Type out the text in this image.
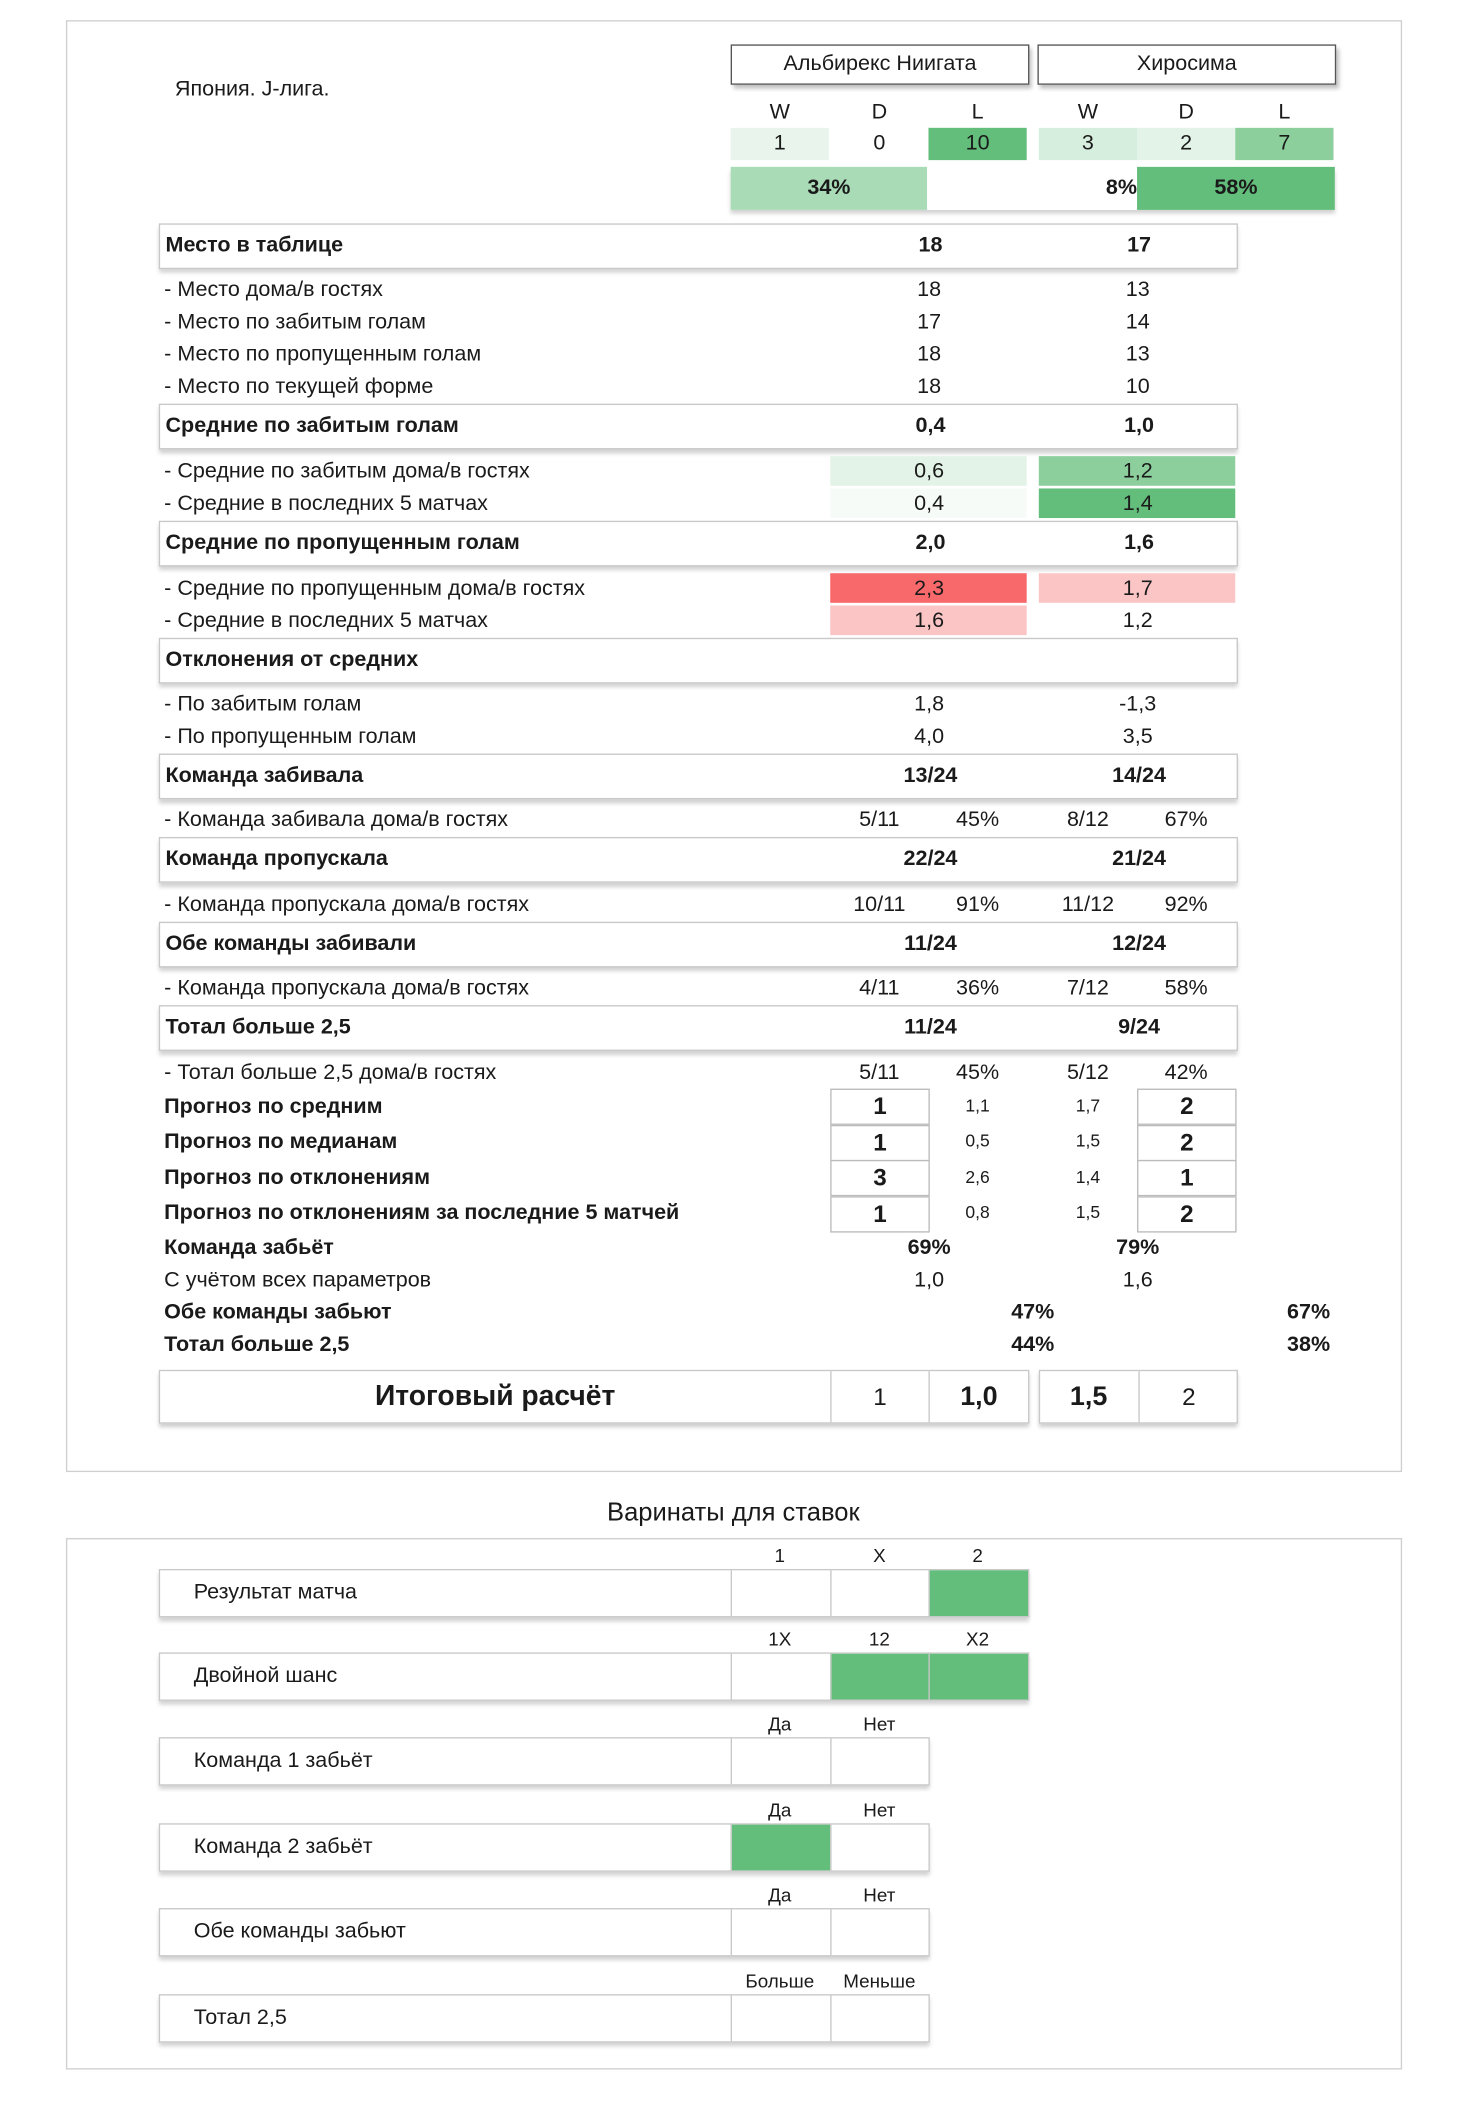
Япония. J-лига.
Альбирекс Ниигата	Хиросима
W	D	L	W	D	L
1	0	10	3	2	7
34%	8%	58%
Место в таблице	18	17
- Место дома/в гостях	18	13
- Место по забитым голам	17	14
- Место по пропущенным голам	18	13
- Место по текущей форме	18	10
Средние по забитым голам	0,4	1,0
- Средние по забитым дома/в гостях	0,6	1,2
- Средние в последних 5 матчах	0,4	1,4
Средние по пропущенным голам	2,0	1,6
- Средние по пропущенным дома/в гостях	2,3	1,7
- Средние в последних 5 матчах	1,6	1,2
Отклонения от средних
- По забитым голам	1,8	-1,3
- По пропущенным голам	4,0	3,5
Команда забивала	13/24	14/24
- Команда забивала дома/в гостях	5/11	45%	8/12	67%
Команда пропускала	22/24	21/24
- Команда пропускала дома/в гостях	10/11	91%	11/12	92%
Обе команды забивали	11/24	12/24
- Команда пропускала дома/в гостях	4/11	36%	7/12	58%
Тотал больше 2,5	11/24	9/24
- Тотал больше 2,5 дома/в гостях	5/11	45%	5/12	42%
Прогноз по средним	1	1,1	1,7	2
Прогноз по медианам	1	0,5	1,5	2
Прогноз по отклонениям	3	2,6	1,4	1
Прогноз по отклонениям за последние 5 матчей	1	0,8	1,5	2
Команда забьёт	69%	79%
С учётом всех параметров	1,0	1,6
Обе команды забьют	47%	67%
Тотал больше 2,5	44%	38%
Итоговый расчёт	1	1,0	1,5	2
Варинаты для ставок
1	X	2
Результат матча
1X	12	X2
Двойной шанс
Да	Нет
Команда 1 забьёт
Да	Нет
Команда 2 забьёт
Да	Нет
Обе команды забьют
Больше	Меньше
Тотал 2,5
